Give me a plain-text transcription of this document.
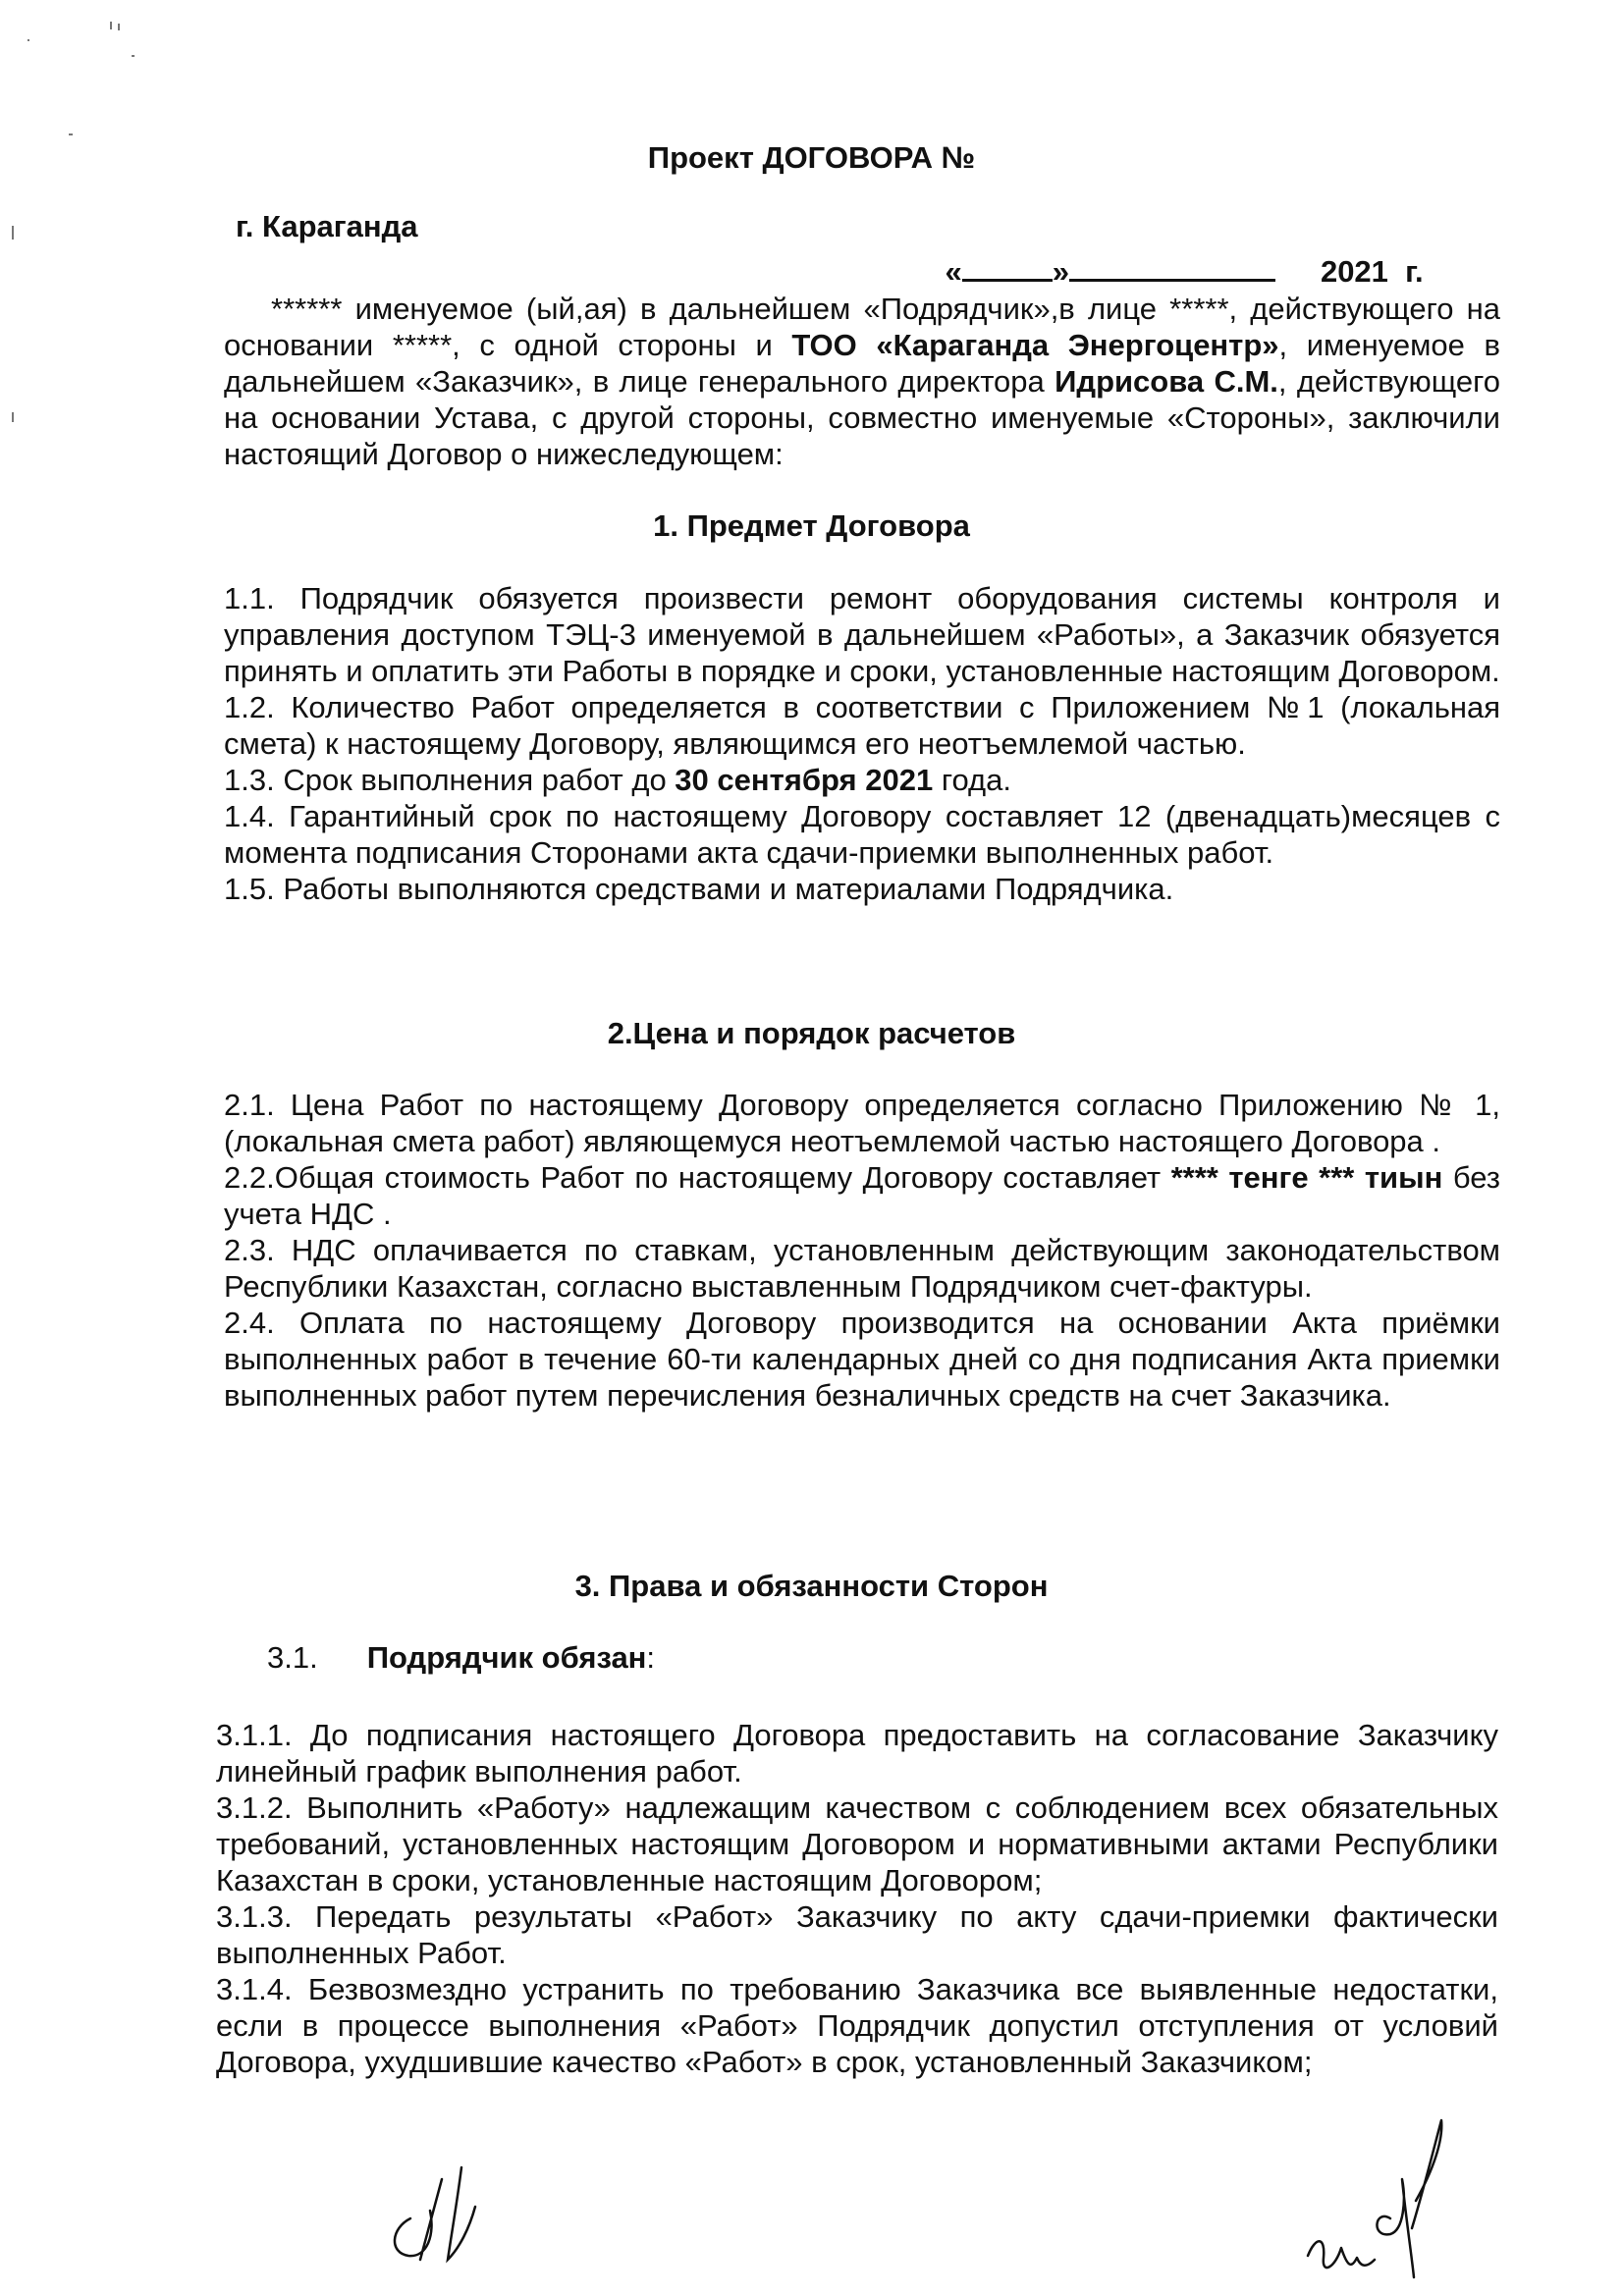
Проект ДОГОВОРА №
г. Караганда

«	»	2021  г.

****** именуемое (ый,ая) в дальнейшем «Подрядчик»,в лице *****, действующего на основании *****, с одной стороны и ТОО «Караганда Энергоцентр», именуемое в дальнейшем «Заказчик», в лице генерального директора Идрисова С.М., действующего на основании Устава, с другой стороны, совместно именуемые «Стороны», заключили настоящий Договор о нижеследующем:

1. Предмет Договора

1.1. Подрядчик обязуется произвести ремонт оборудования системы контроля и управления доступом ТЭЦ-3 именуемой в дальнейшем «Работы», а Заказчик обязуется принять и оплатить эти Работы в порядке и сроки, установленные настоящим Договором.

1.2. Количество Работ определяется в соответствии с Приложением №1 (локальная смета) к настоящему Договору, являющимся его неотъемлемой частью.

1.3. Срок выполнения работ до 30 сентября 2021 года.

1.4. Гарантийный срок по настоящему Договору составляет 12 (двенадцать)месяцев с момента подписания Сторонами акта сдачи-приемки выполненных работ.

1.5. Работы выполняются средствами и материалами Подрядчика.

2.Цена и порядок расчетов

2.1. Цена Работ по настоящему Договору определяется согласно Приложению № 1, (локальная смета работ) являющемуся неотъемлемой частью настоящего Договора .

2.2.Общая стоимость Работ по настоящему Договору составляет **** тенге *** тиын без учета НДС .

2.3. НДС оплачивается по ставкам, установленным действующим законодательством Республики Казахстан, согласно выставленным Подрядчиком счет-фактуры.

2.4. Оплата по настоящему Договору производится на основании Акта приёмки выполненных работ в течение 60-ти календарных дней со дня подписания Акта приемки выполненных работ путем перечисления безналичных средств на счет Заказчика.

3. Права и обязанности Сторон
3.1. Подрядчик обязан:

3.1.1. До подписания настоящего Договора предоставить на согласование Заказчику линейный график выполнения работ.

3.1.2. Выполнить «Работу» надлежащим качеством с соблюдением всех обязательных требований, установленных настоящим Договором и нормативными актами Республики Казахстан в сроки, установленные настоящим Договором;

3.1.3. Передать результаты «Работ» Заказчику по акту сдачи-приемки фактически выполненных Работ.

3.1.4. Безвозмездно устранить по требованию Заказчика все выявленные недостатки, если в процессе выполнения «Работ» Подрядчик допустил отступления от условий Договора, ухудшившие качество «Работ» в срок, установленный Заказчиком;
